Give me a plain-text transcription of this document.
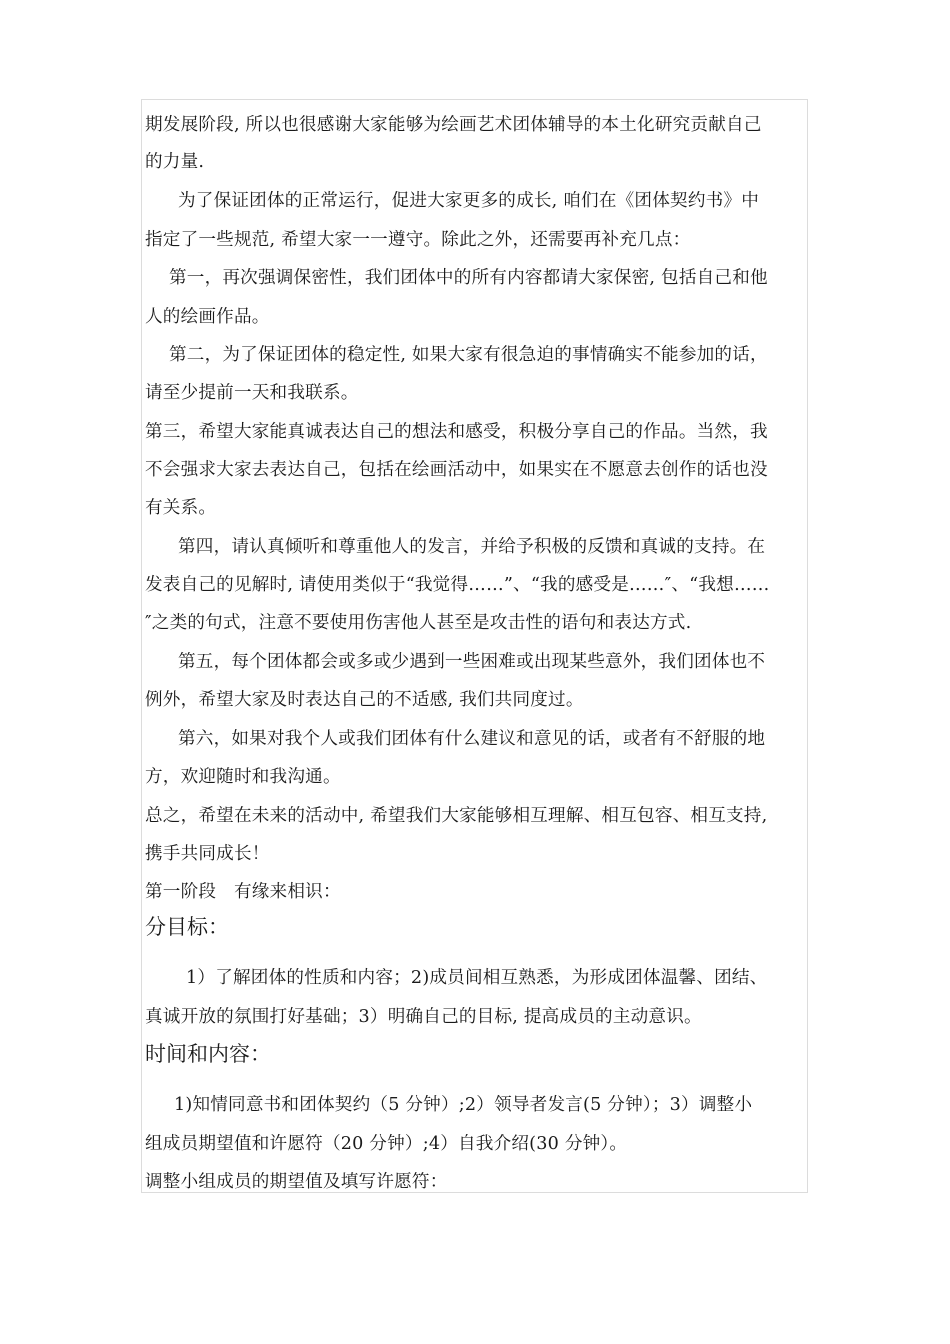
期发展阶段, 所以也很感谢大家能够为绘画艺术团体辅导的本土化研究贡献自己
的力量.
为了保证团体的正常运行，促进大家更多的成长, 咱们在《团体契约书》中
指定了一些规范, 希望大家一一遵守。除此之外，还需要再补充几点：
第一，再次强调保密性，我们团体中的所有内容都请大家保密, 包括自己和他
人的绘画作品。
第二，为了保证团体的稳定性, 如果大家有很急迫的事情确实不能参加的话，
请至少提前一天和我联系。
第三，希望大家能真诚表达自己的想法和感受，积极分享自己的作品。当然，我
不会强求大家去表达自己，包括在绘画活动中，如果实在不愿意去创作的话也没
有关系。
第四，请认真倾听和尊重他人的发言，并给予积极的反馈和真诚的支持。在
发表自己的见解时, 请使用类似于“我觉得……”、“我的感受是……″、“我想……
″之类的句式，注意不要使用伤害他人甚至是攻击性的语句和表达方式.
第五，每个团体都会或多或少遇到一些困难或出现某些意外，我们团体也不
例外，希望大家及时表达自己的不适感, 我们共同度过。
第六，如果对我个人或我们团体有什么建议和意见的话，或者有不舒服的地
方，欢迎随时和我沟通。
总之，希望在未来的活动中, 希望我们大家能够相互理解、相互包容、相互支持,
携手共同成长！
第一阶段　有缘来相识：
分目标：
1）了解团体的性质和内容；2)成员间相互熟悉，为形成团体温馨、团结、
真诚开放的氛围打好基础；3）明确自己的目标, 提高成员的主动意识。
时间和内容：
1)知情同意书和团体契约（5 分钟）;2）领导者发言(5 分钟）；3）调整小
组成员期望值和许愿符（20 分钟）;4）自我介绍(30 分钟）。
调整小组成员的期望值及填写许愿符：
